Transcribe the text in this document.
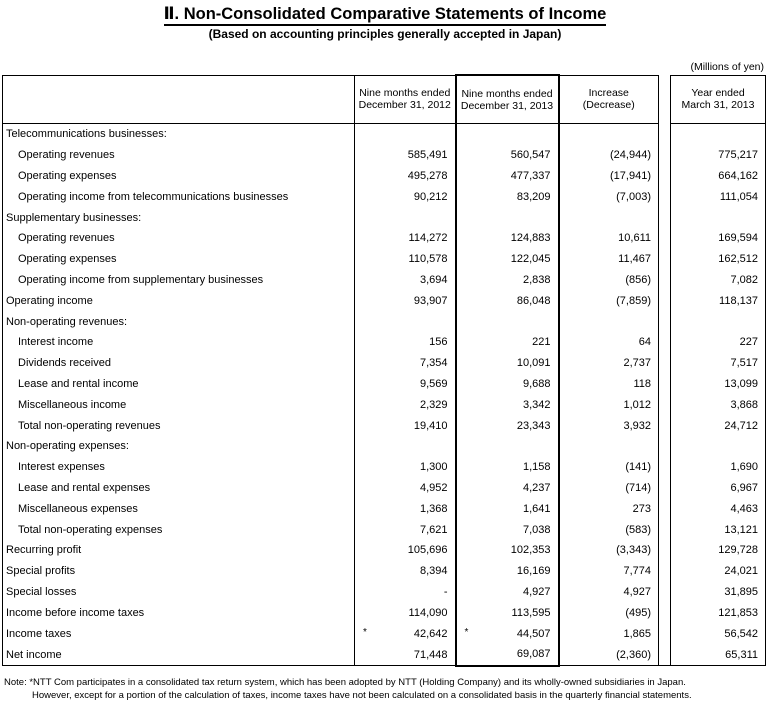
Ⅱ. Non-Consolidated Comparative Statements of Income
(Based on accounting principles generally accepted in Japan)
(Millions of yen)
	Nine months ended
December 31, 2012	Nine months ended
December 31, 2013	Increase
(Decrease)		Year ended
March 31, 2013
Telecommunications businesses:					
Operating revenues	585,491	560,547	(24,944)		775,217
Operating expenses	495,278	477,337	(17,941)		664,162
Operating income from telecommunications businesses	90,212	83,209	(7,003)		111,054
Supplementary businesses:					
Operating revenues	114,272	124,883	10,611		169,594
Operating expenses	110,578	122,045	11,467		162,512
Operating income from supplementary businesses	3,694	2,838	(856)		7,082
Operating income	93,907	86,048	(7,859)		118,137
Non-operating revenues:					
Interest income	156	221	64		227
Dividends received	7,354	10,091	2,737		7,517
Lease and rental income	9,569	9,688	118		13,099
Miscellaneous income	2,329	3,342	1,012		3,868
Total non-operating revenues	19,410	23,343	3,932		24,712
Non-operating expenses:					
Interest expenses	1,300	1,158	(141)		1,690
Lease and rental expenses	4,952	4,237	(714)		6,967
Miscellaneous expenses	1,368	1,641	273		4,463
Total non-operating expenses	7,621	7,038	(583)		13,121
Recurring profit	105,696	102,353	(3,343)		129,728
Special profits	8,394	16,169	7,774		24,021
Special losses	-	4,927	4,927		31,895
Income before income taxes	114,090	113,595	(495)		121,853
Income taxes	* 42,642	* 44,507	1,865		56,542
Net income	71,448	69,087	(2,360)		65,311
Note: *NTT Com participates in a consolidated tax return system, which has been adopted by NTT (Holding Company) and its wholly-owned subsidiaries in Japan.
However, except for a portion of the calculation of taxes, income taxes have not been calculated on a consolidated basis in the quarterly financial statements.
